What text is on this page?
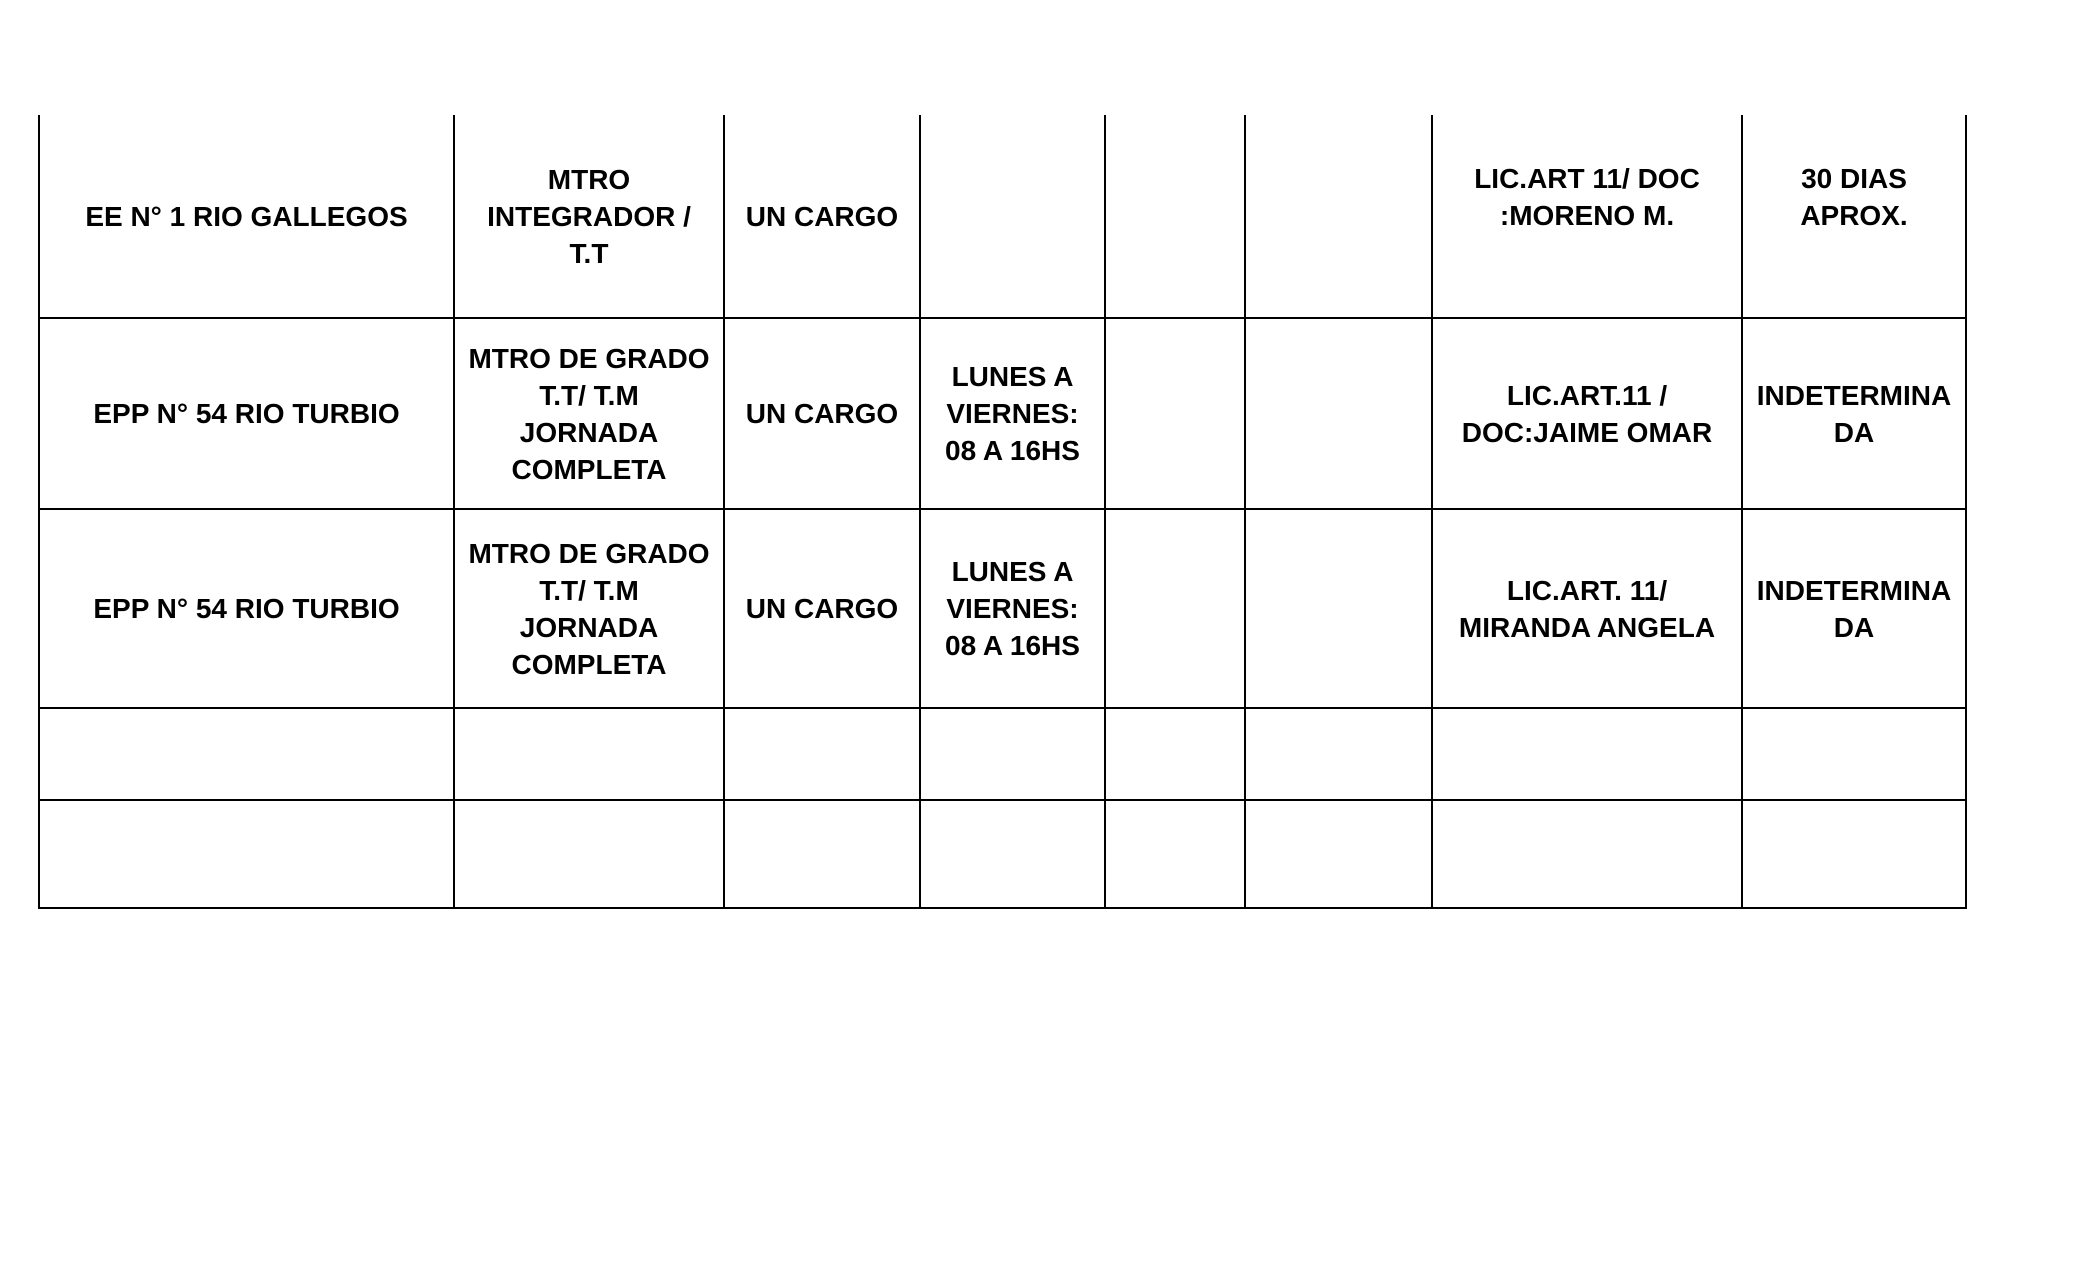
EE N° 1 RIO GALLEGOS	MTRO
INTEGRADOR /
T.T	UN CARGO				LIC.ART 11/ DOC
:MORENO M.	30 DIAS
APROX.
EPP N° 54 RIO TURBIO	MTRO DE GRADO
T.T/ T.M
JORNADA
COMPLETA	UN CARGO	LUNES A
VIERNES:
08 A 16HS			LIC.ART.11 /
DOC:JAIME OMAR	INDETERMINA
DA
EPP N° 54 RIO TURBIO	MTRO DE GRADO
T.T/ T.M
JORNADA
COMPLETA	UN CARGO	LUNES A
VIERNES:
08 A 16HS			LIC.ART. 11/
MIRANDA ANGELA	INDETERMINA
DA
